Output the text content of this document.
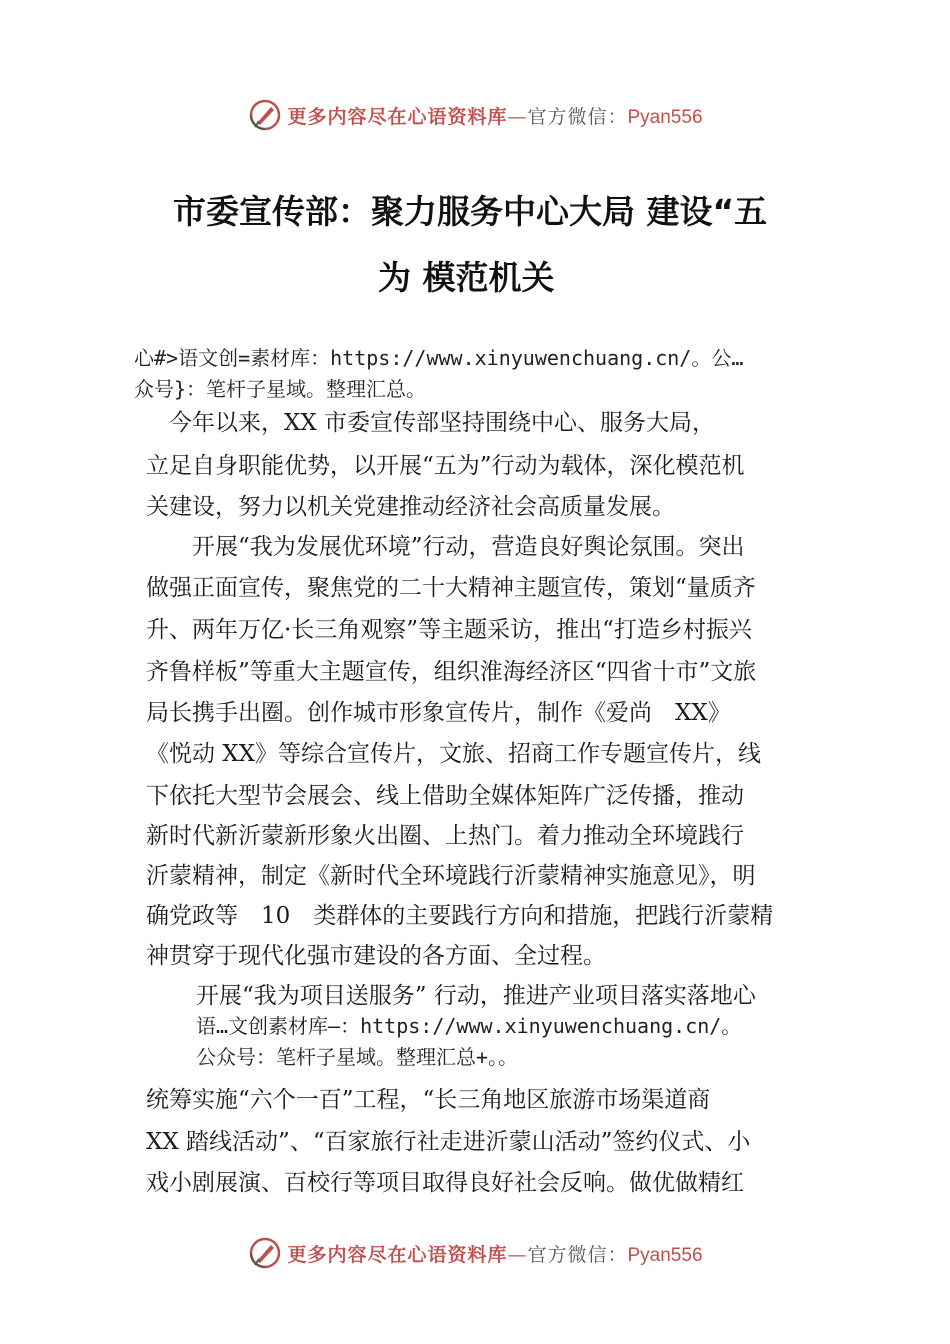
更多内容尽在心语资料库—官方微信：Pyan556
市委宣传部：聚力服务中心大局 建设“五
为 模范机关
心#>语文创=素材库：https://www.xinyuwenchuang.cn/。公…
众号}：笔杆子星域。整理汇总。
　今年以来，XX 市委宣传部坚持围绕中心、服务大局，
立足自身职能优势，以开展“五为”行动为载体，深化模范机
关建设，努力以机关党建推动经济社会高质量发展。
　　开展“我为发展优环境”行动，营造良好舆论氛围。突出
做强正面宣传，聚焦党的二十大精神主题宣传，策划“量质齐
升、两年万亿·长三角观察”等主题采访，推出“打造乡村振兴
齐鲁样板”等重大主题宣传，组织淮海经济区“四省十市”文旅
局长携手出圈。创作城市形象宣传片，制作《爱尚　XX》
《悦动 XX》等综合宣传片，文旅、招商工作专题宣传片，线
下依托大型节会展会、线上借助全媒体矩阵广泛传播，推动
新时代新沂蒙新形象火出圈、上热门。着力推动全环境践行
沂蒙精神，制定《新时代全环境践行沂蒙精神实施意见》，明
确党政等　10　类群体的主要践行方向和措施，把践行沂蒙精
神贯穿于现代化强市建设的各方面、全过程。
开展“我为项目送服务” 行动，推进产业项目落实落地心
语…文创素材库—：https://www.xinyuwenchuang.cn/。
公众号：笔杆子星域。整理汇总+。。
统筹实施“六个一百”工程，“长三角地区旅游市场渠道商
XX 踏线活动”、“百家旅行社走进沂蒙山活动”签约仪式、小
戏小剧展演、百校行等项目取得良好社会反响。做优做精红
更多内容尽在心语资料库—官方微信：Pyan556
